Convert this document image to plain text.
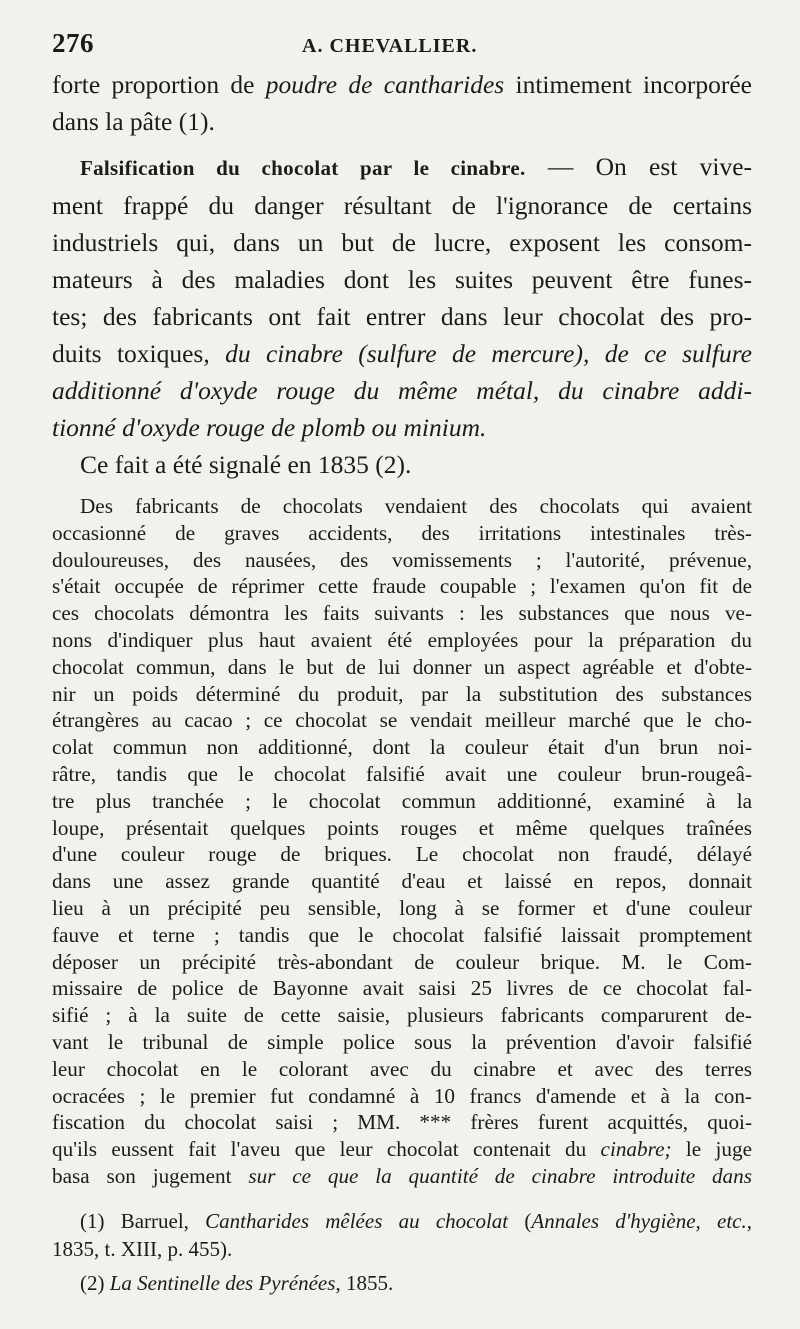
276	A. CHEVALLIER.
forte proportion de poudre de cantharides intimement incorporée
dans la pâte (1).
Falsification du chocolat par le cinabre. — On est vive-
ment frappé du danger résultant de l'ignorance de certains
industriels qui, dans un but de lucre, exposent les consom-
mateurs à des maladies dont les suites peuvent être funes-
tes; des fabricants ont fait entrer dans leur chocolat des pro-
duits toxiques, du cinabre (sulfure de mercure), de ce sulfure
additionné d'oxyde rouge du même métal, du cinabre addi-
tionné d'oxyde rouge de plomb ou minium.
Ce fait a été signalé en 1835 (2).
Des fabricants de chocolats vendaient des chocolats qui avaient
occasionné de graves accidents, des irritations intestinales très-
douloureuses, des nausées, des vomissements ; l'autorité, prévenue,
s'était occupée de réprimer cette fraude coupable ; l'examen qu'on fit de
ces chocolats démontra les faits suivants : les substances que nous ve-
nons d'indiquer plus haut avaient été employées pour la préparation du
chocolat commun, dans le but de lui donner un aspect agréable et d'obte-
nir un poids déterminé du produit, par la substitution des substances
étrangères au cacao ; ce chocolat se vendait meilleur marché que le cho-
colat commun non additionné, dont la couleur était d'un brun noi-
râtre, tandis que le chocolat falsifié avait une couleur brun-rougeâ-
tre plus tranchée ; le chocolat commun additionné, examiné à la
loupe, présentait quelques points rouges et même quelques traînées
d'une couleur rouge de briques. Le chocolat non fraudé, délayé
dans une assez grande quantité d'eau et laissé en repos, donnait
lieu à un précipité peu sensible, long à se former et d'une couleur
fauve et terne ; tandis que le chocolat falsifié laissait promptement
déposer un précipité très-abondant de couleur brique. M. le Com-
missaire de police de Bayonne avait saisi 25 livres de ce chocolat fal-
sifié ; à la suite de cette saisie, plusieurs fabricants comparurent de-
vant le tribunal de simple police sous la prévention d'avoir falsifié
leur chocolat en le colorant avec du cinabre et avec des terres
ocracées ; le premier fut condamné à 10 francs d'amende et à la con-
fiscation du chocolat saisi ; MM. *** frères furent acquittés, quoi-
qu'ils eussent fait l'aveu que leur chocolat contenait du cinabre; le juge
basa son jugement sur ce que la quantité de cinabre introduite dans
(1) Barruel, Cantharides mêlées au chocolat (Annales d'hygiène, etc.,
1835, t. XIII, p. 455).
(2) La Sentinelle des Pyrénées, 1855.
